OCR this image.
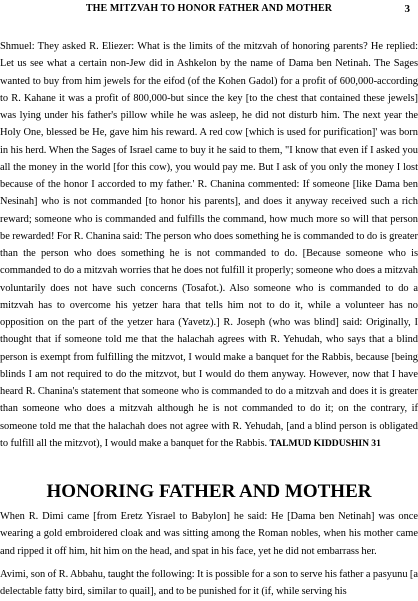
THE MITZVAH TO HONOR FATHER AND MOTHER	3
Shmuel: They asked R. Eliezer: What is the limits of the mitzvah of honoring parents? He replied: Let us see what a certain non-Jew did in Ashkelon by the name of Dama ben Netinah. The Sages wanted to buy from him jewels for the eifod (of the Kohen Gadol) for a profit of 600,000-according to R. Kahane it was a profit of 800,000-but since the key [to the chest that contained these jewels] was lying under his father's pillow while he was asleep, he did not disturb him. The next year the Holy One, blessed be He, gave him his reward. A red cow [which is used for purification]' was born in his herd. When the Sages of Israel came to buy it he said to them, "I know that even if I asked you all the money in the world [for this cow), you would pay me. But I ask of you only the money I lost because of the honor I accorded to my father.' R. Chanina commented: If someone [like Dama ben Nesinah] who is not commanded [to honor his parents], and does it anyway received such a rich reward; someone who is commanded and fulfills the command, how much more so will that person be rewarded! For R. Chanina said: The person who does something he is commanded to do is greater than the person who does something he is not commanded to do. [Because someone who is commanded to do a mitzvah worries that he does not fulfill it properly; someone who does a mitzvah voluntarily does not have such concerns (Tosafot.). Also someone who is commanded to do a mitzvah has to overcome his yetzer hara that tells him not to do it, while a volunteer has no opposition on the part of the yetzer hara (Yavetz).] R. Joseph (who was blind] said: Originally, I thought that if someone told me that the halachah agrees with R. Yehudah, who says that a blind person is exempt from fulfilling the mitzvot, I would make a banquet for the Rabbis, because [being blinds I am not required to do the mitzvot, but I would do them anyway. However, now that I have heard R. Chanina's statement that someone who is commanded to do a mitzvah and does it is greater than someone who does a mitzvah although he is not commanded to do it; on the contrary, if someone told me that the halachah does not agree with R. Yehudah, [and a blind person is obligated to fulfill all the mitzvot), I would make a banquet for the Rabbis. TALMUD KIDDUSHIN 31
HONORING FATHER AND MOTHER
When R. Dimi came [from Eretz Yisrael to Babylon] he said: He [Dama ben Netinah] was once wearing a gold embroidered cloak and was sitting among the Roman nobles, when his mother came and ripped it off him, hit him on the head, and spat in his face, yet he did not embarrass her.
Avimi, son of R. Abbahu, taught the following: It is possible for a son to serve his father a pasyunu [a delectable fatty bird, similar to quail], and to be punished for it (if, while serving his
